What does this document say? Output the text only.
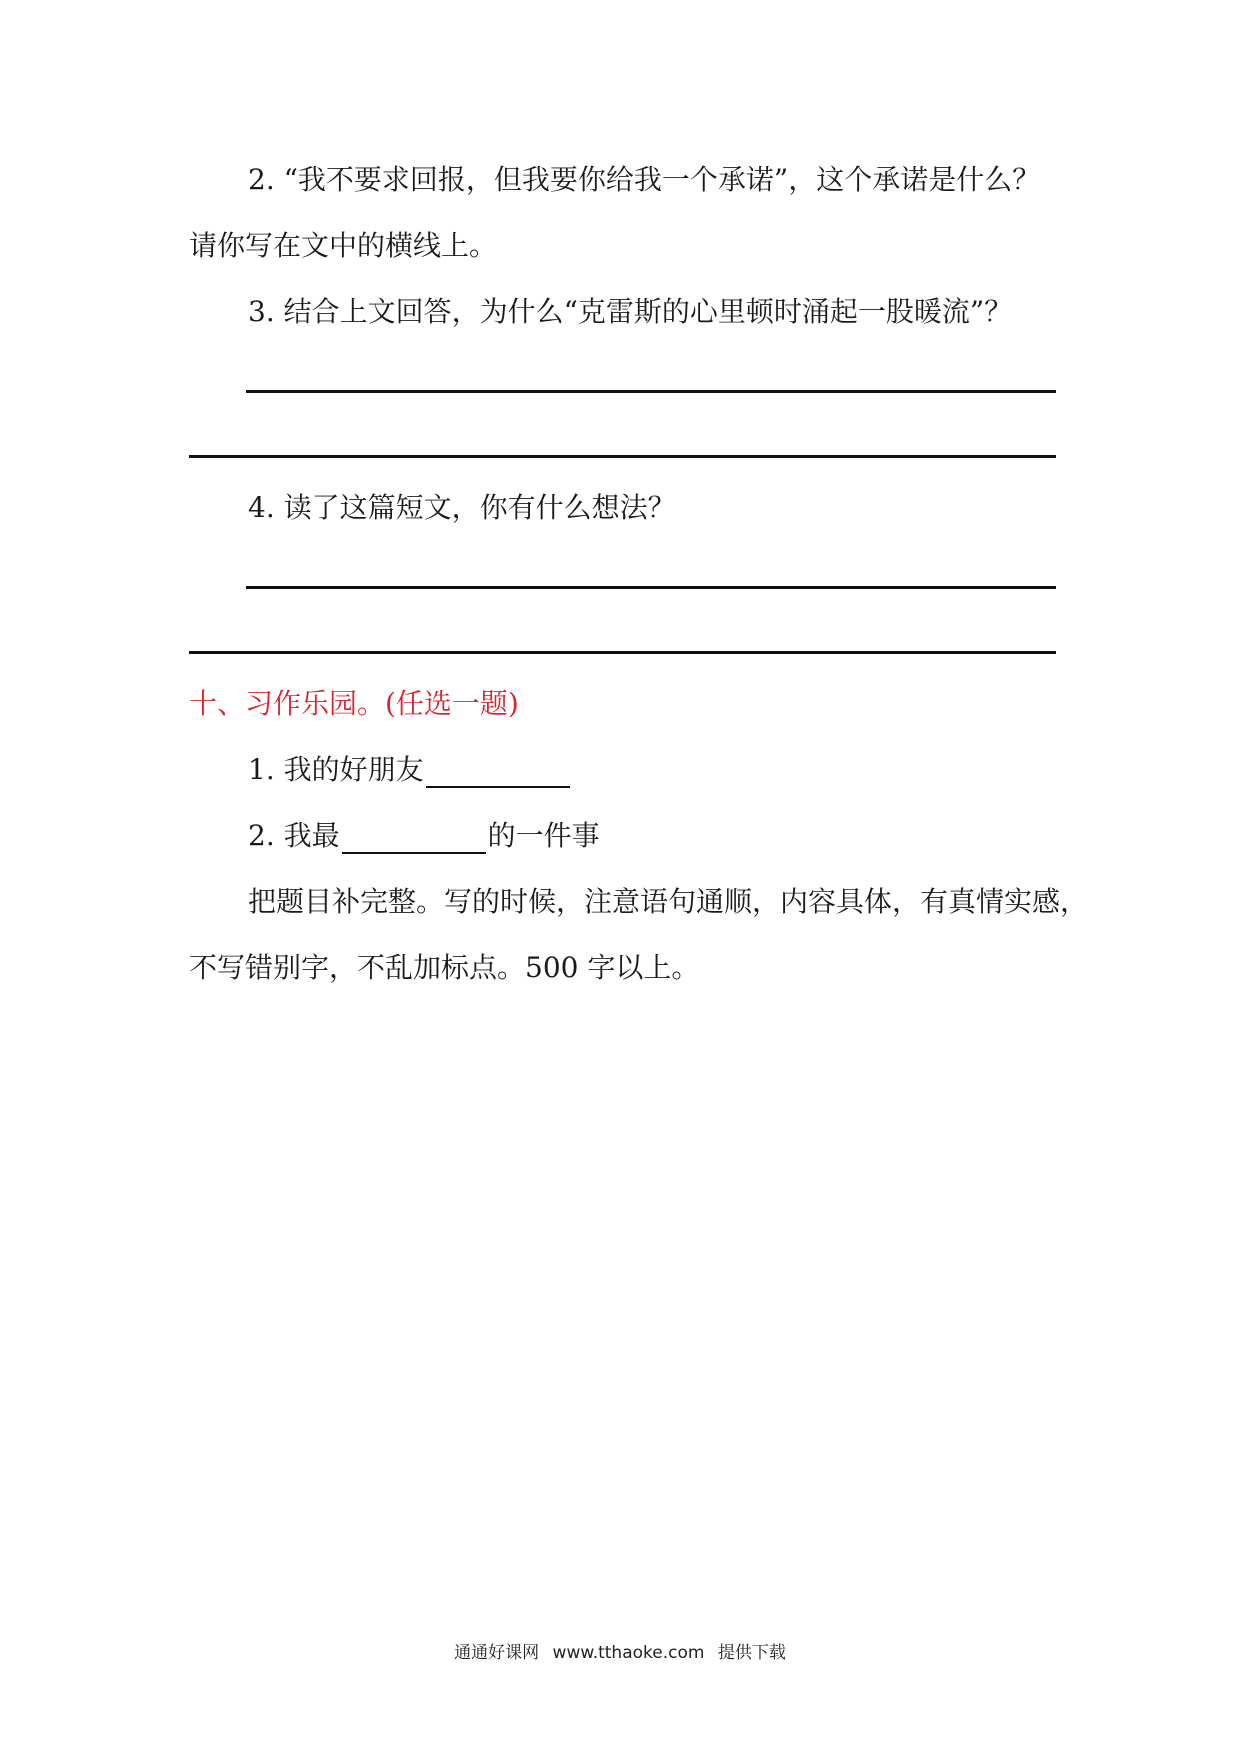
2. “我不要求回报，但我要你给我一个承诺”，这个承诺是什么？
请你写在文中的横线上。
3. 结合上文回答，为什么“克雷斯的心里顿时涌起一股暖流”？
4. 读了这篇短文，你有什么想法？
十、习作乐园。(任选一题)
1. 我的好朋友
2. 我最	的一件事
把题目补完整。写的时候，注意语句通顺，内容具体，有真情实感，
不写错别字，不乱加标点。500 字以上。
通通好课网 www.tthaoke.com 提供下载
